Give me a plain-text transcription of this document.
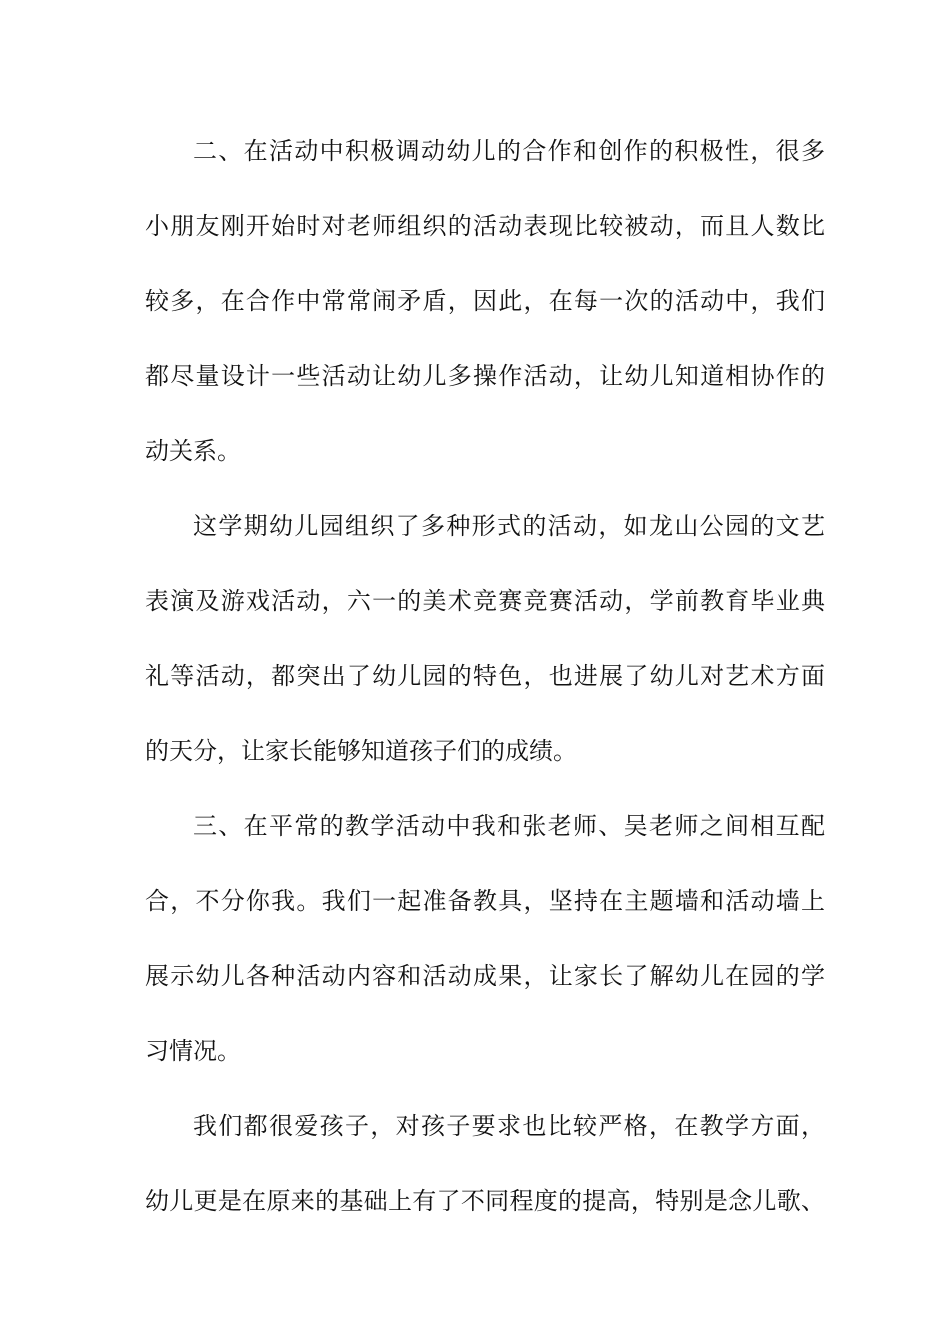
二、在活动中积极调动幼儿的合作和创作的积极性，很多
小朋友刚开始时对老师组织的活动表现比较被动，而且人数比
较多，在合作中常常闹矛盾，因此，在每一次的活动中，我们
都尽量设计一些活动让幼儿多操作活动，让幼儿知道相协作的
动关系。
这学期幼儿园组织了多种形式的活动，如龙山公园的文艺
表演及游戏活动，六一的美术竞赛竞赛活动，学前教育毕业典
礼等活动，都突出了幼儿园的特色，也进展了幼儿对艺术方面
的天分，让家长能够知道孩子们的成绩。
三、在平常的教学活动中我和张老师、吴老师之间相互配
合，不分你我。我们一起准备教具，坚持在主题墙和活动墙上
展示幼儿各种活动内容和活动成果，让家长了解幼儿在园的学
习情况。
我们都很爱孩子，对孩子要求也比较严格，在教学方面，
幼儿更是在原来的基础上有了不同程度的提高，特别是念儿歌、
